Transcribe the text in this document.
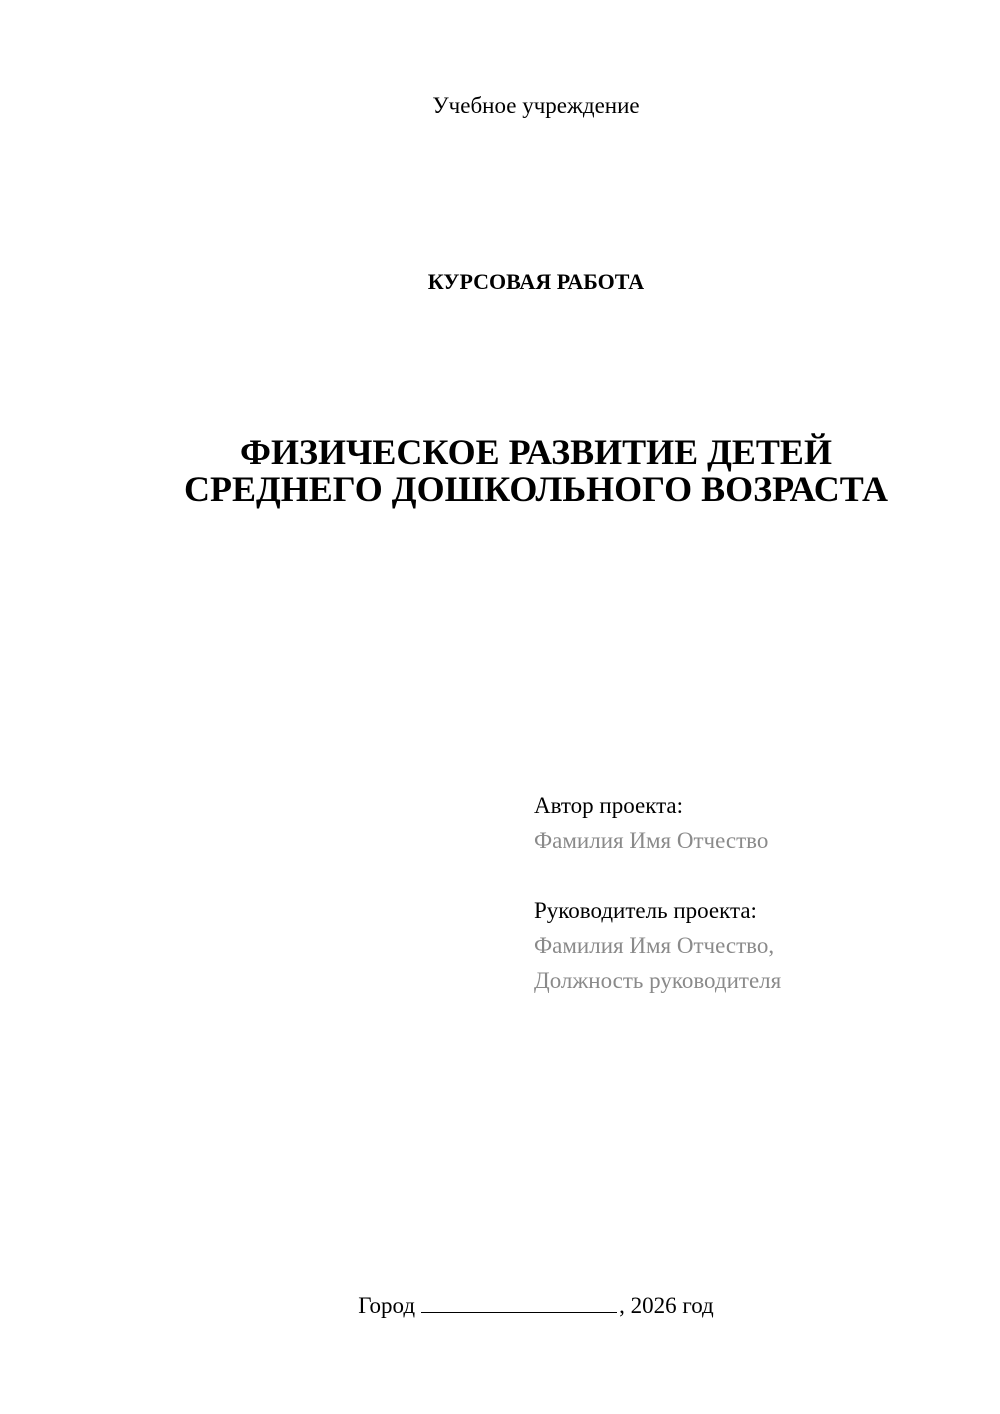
Учебное учреждение
КУРСОВАЯ РАБОТА
ФИЗИЧЕСКОЕ РАЗВИТИЕ ДЕТЕЙ
СРЕДНЕГО ДОШКОЛЬНОГО ВОЗРАСТА
Автор проекта:
Фамилия Имя Отчество
Руководитель проекта:
Фамилия Имя Отчество,
Должность руководителя
Город	, 2026 год
